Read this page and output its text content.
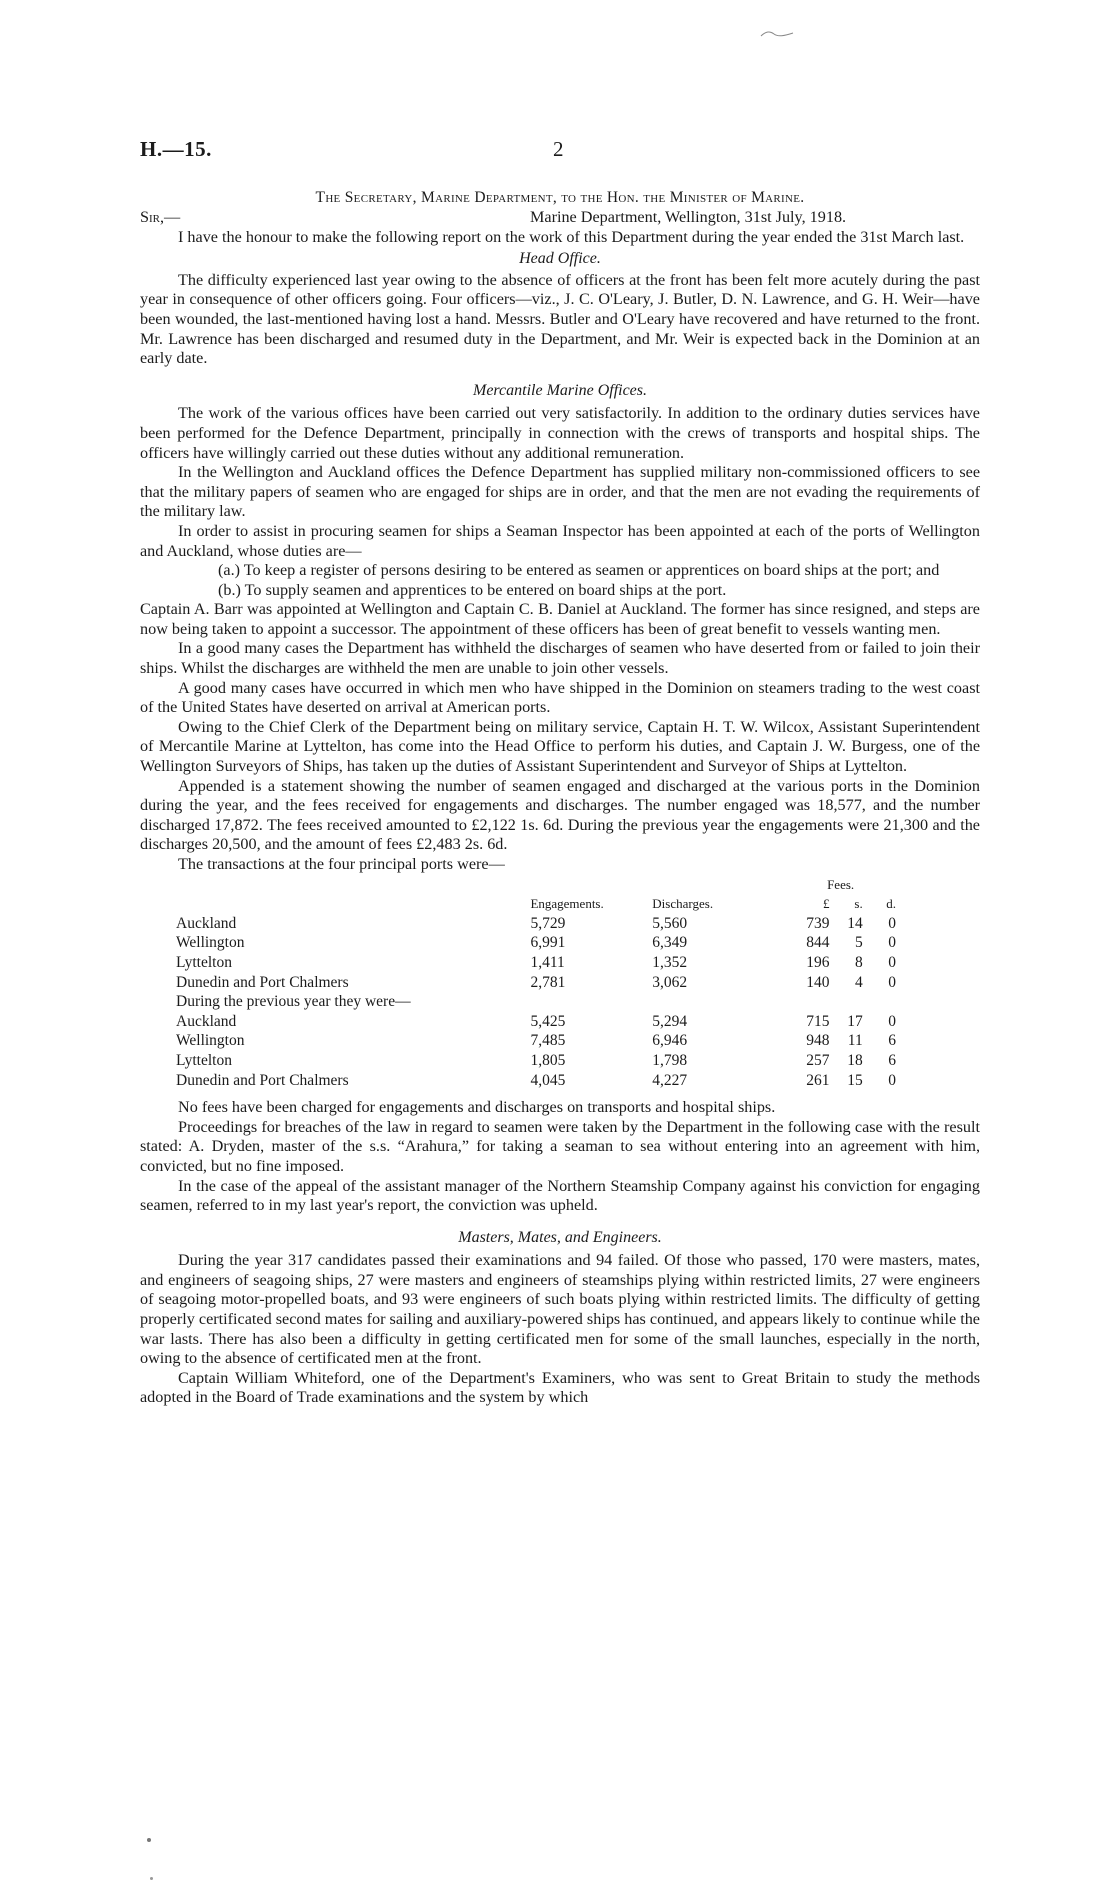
H.—15.	2
The Secretary, Marine Department, to the Hon. the Minister of Marine.
Sir,—	Marine Department, Wellington, 31st July, 1918.

I have the honour to make the following report on the work of this Department during the year ended the 31st March last.

Head Office.

The difficulty experienced last year owing to the absence of officers at the front has been felt more acutely during the past year in consequence of other officers going. Four officers—viz., J. C. O'Leary, J. Butler, D. N. Lawrence, and G. H. Weir—have been wounded, the last-mentioned having lost a hand. Messrs. Butler and O'Leary have recovered and have returned to the front. Mr. Lawrence has been discharged and resumed duty in the Department, and Mr. Weir is expected back in the Dominion at an early date.

Mercantile Marine Offices.

The work of the various offices have been carried out very satisfactorily. In addition to the ordinary duties services have been performed for the Defence Department, principally in connection with the crews of transports and hospital ships. The officers have willingly carried out these duties without any additional remuneration.

In the Wellington and Auckland offices the Defence Department has supplied military non-commissioned officers to see that the military papers of seamen who are engaged for ships are in order, and that the men are not evading the requirements of the military law.

In order to assist in procuring seamen for ships a Seaman Inspector has been appointed at each of the ports of Wellington and Auckland, whose duties are—

(a.) To keep a register of persons desiring to be entered as seamen or apprentices on board ships at the port; and
(b.) To supply seamen and apprentices to be entered on board ships at the port.

Captain A. Barr was appointed at Wellington and Captain C. B. Daniel at Auckland. The former has since resigned, and steps are now being taken to appoint a successor. The appointment of these officers has been of great benefit to vessels wanting men.

In a good many cases the Department has withheld the discharges of seamen who have deserted from or failed to join their ships. Whilst the discharges are withheld the men are unable to join other vessels.

A good many cases have occurred in which men who have shipped in the Dominion on steamers trading to the west coast of the United States have deserted on arrival at American ports.

Owing to the Chief Clerk of the Department being on military service, Captain H. T. W. Wilcox, Assistant Superintendent of Mercantile Marine at Lyttelton, has come into the Head Office to perform his duties, and Captain J. W. Burgess, one of the Wellington Surveyors of Ships, has taken up the duties of Assistant Superintendent and Surveyor of Ships at Lyttelton.

Appended is a statement showing the number of seamen engaged and discharged at the various ports in the Dominion during the year, and the fees received for engagements and discharges. The number engaged was 18,577, and the number discharged 17,872. The fees received amounted to £2,122 1s. 6d. During the previous year the engagements were 21,300 and the discharges 20,500, and the amount of fees £2,483 2s. 6d.

The transactions at the four principal ports were—

			Fees.		
	Engagements.	Discharges.	£	s.	d.
Auckland	5,729	5,560	739	14	0
Wellington	6,991	6,349	844	5	0
Lyttelton	1,411	1,352	196	8	0
Dunedin and Port Chalmers	2,781	3,062	140	4	0
During the previous year they were—					
Auckland	5,425	5,294	715	17	0
Wellington	7,485	6,946	948	11	6
Lyttelton	1,805	1,798	257	18	6
Dunedin and Port Chalmers	4,045	4,227	261	15	0

No fees have been charged for engagements and discharges on transports and hospital ships.

Proceedings for breaches of the law in regard to seamen were taken by the Department in the following case with the result stated: A. Dryden, master of the s.s. “Arahura,” for taking a seaman to sea without entering into an agreement with him, convicted, but no fine imposed.

In the case of the appeal of the assistant manager of the Northern Steamship Company against his conviction for engaging seamen, referred to in my last year's report, the conviction was upheld.

Masters, Mates, and Engineers.

During the year 317 candidates passed their examinations and 94 failed. Of those who passed, 170 were masters, mates, and engineers of seagoing ships, 27 were masters and engineers of steamships plying within restricted limits, 27 were engineers of seagoing motor-propelled boats, and 93 were engineers of such boats plying within restricted limits. The difficulty of getting properly certificated second mates for sailing and auxiliary-powered ships has continued, and appears likely to continue while the war lasts. There has also been a difficulty in getting certificated men for some of the small launches, especially in the north, owing to the absence of certificated men at the front.

Captain William Whiteford, one of the Department's Examiners, who was sent to Great Britain to study the methods adopted in the Board of Trade examinations and the system by which
